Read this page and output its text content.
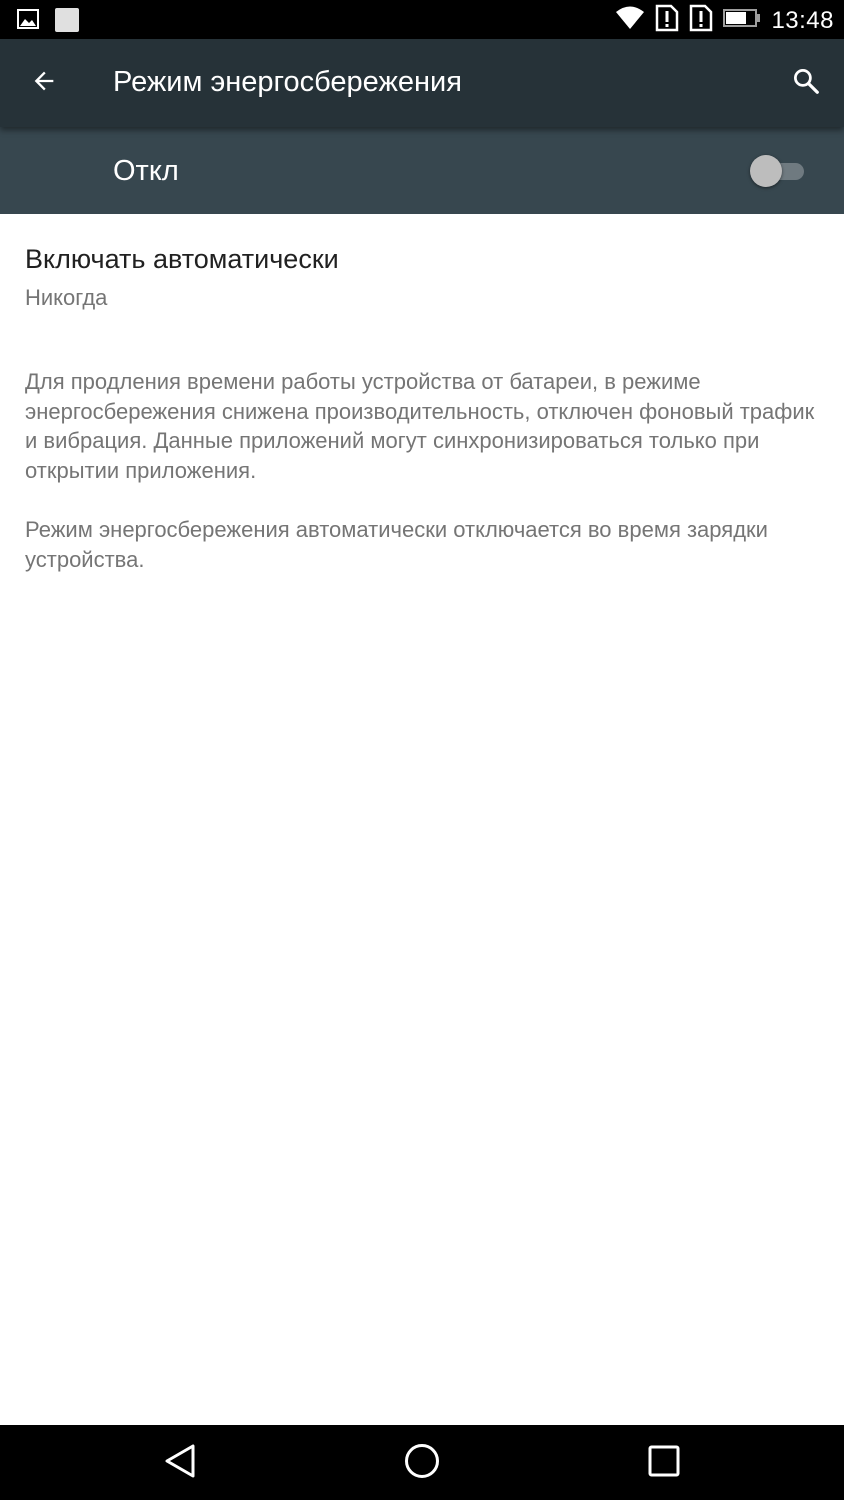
13:48
Режим энергосбережения
Откл
Включать автоматически
Никогда

Для продления времени работы устройства от батареи, в режиме энергосбережения снижена производительность, отключен фоновый трафик и вибрация. Данные приложений могут синхронизироваться только при открытии приложения.

Режим энергосбережения автоматически отключается во время зарядки устройства.
